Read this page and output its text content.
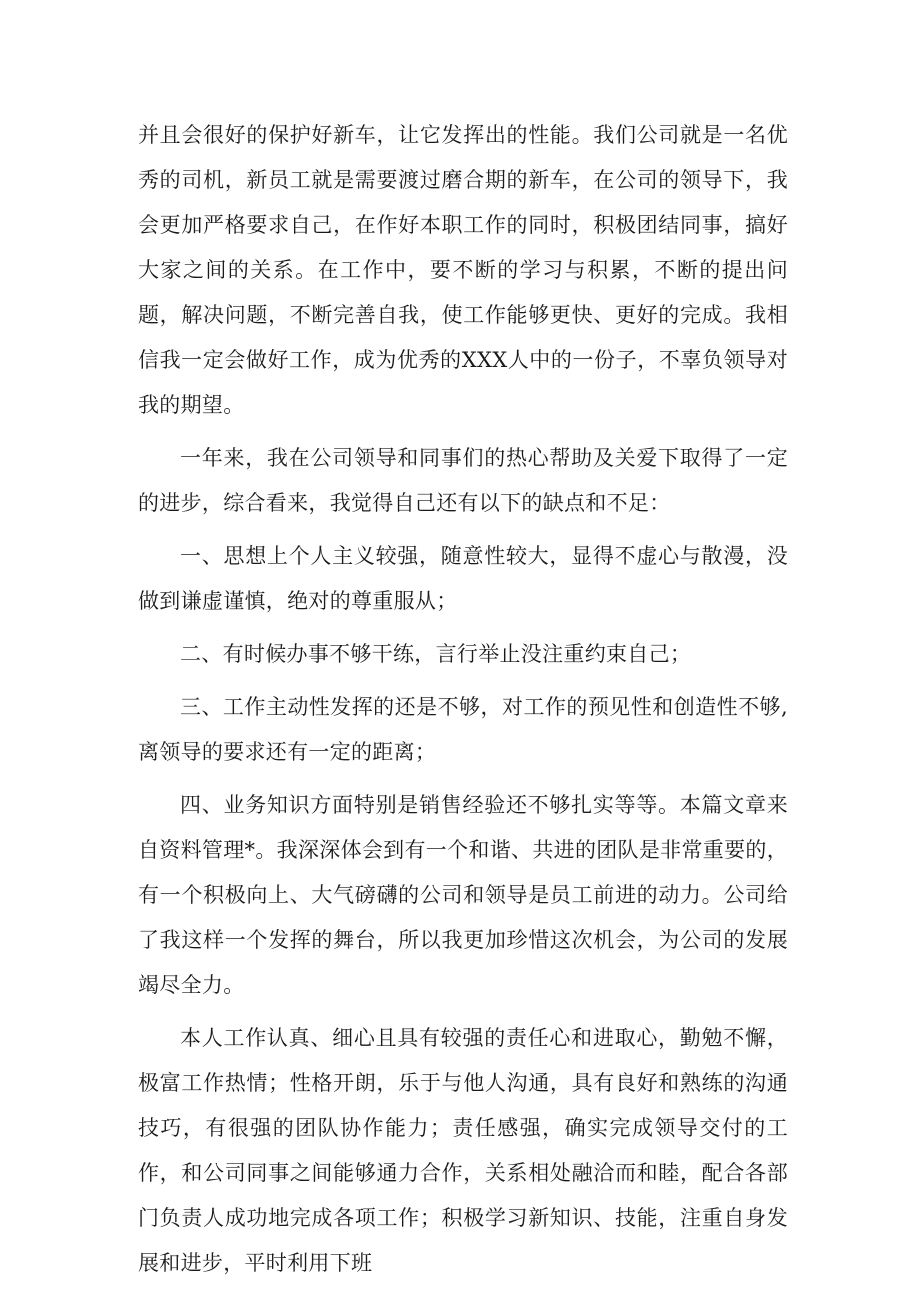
并且会很好的保护好新车，让它发挥出的性能。我们公司就是一名优秀的司机，新员工就是需要渡过磨合期的新车，在公司的领导下，我会更加严格要求自己，在作好本职工作的同时，积极团结同事，搞好大家之间的关系。在工作中，要不断的学习与积累，不断的提出问题，解决问题，不断完善自我，使工作能够更快、更好的完成。我相信我一定会做好工作，成为优秀的XXX人中的一份子，不辜负领导对我的期望。

一年来，我在公司领导和同事们的热心帮助及关爱下取得了一定的进步，综合看来，我觉得自己还有以下的缺点和不足：

一、思想上个人主义较强，随意性较大，显得不虚心与散漫，没做到谦虚谨慎，绝对的尊重服从；

二、有时候办事不够干练，言行举止没注重约束自己；

三、工作主动性发挥的还是不够，对工作的预见性和创造性不够,离领导的要求还有一定的距离；

四、业务知识方面特别是销售经验还不够扎实等等。本篇文章来自资料管理*。我深深体会到有一个和谐、共进的团队是非常重要的，有一个积极向上、大气磅礴的公司和领导是员工前进的动力。公司给了我这样一个发挥的舞台，所以我更加珍惜这次机会，为公司的发展竭尽全力。

本人工作认真、细心且具有较强的责任心和进取心，勤勉不懈，极富工作热情；性格开朗，乐于与他人沟通，具有良好和熟练的沟通技巧，有很强的团队协作能力；责任感强，确实完成领导交付的工作，和公司同事之间能够通力合作，关系相处融洽而和睦，配合各部门负责人成功地完成各项工作；积极学习新知识、技能，注重自身发展和进步，平时利用下班
